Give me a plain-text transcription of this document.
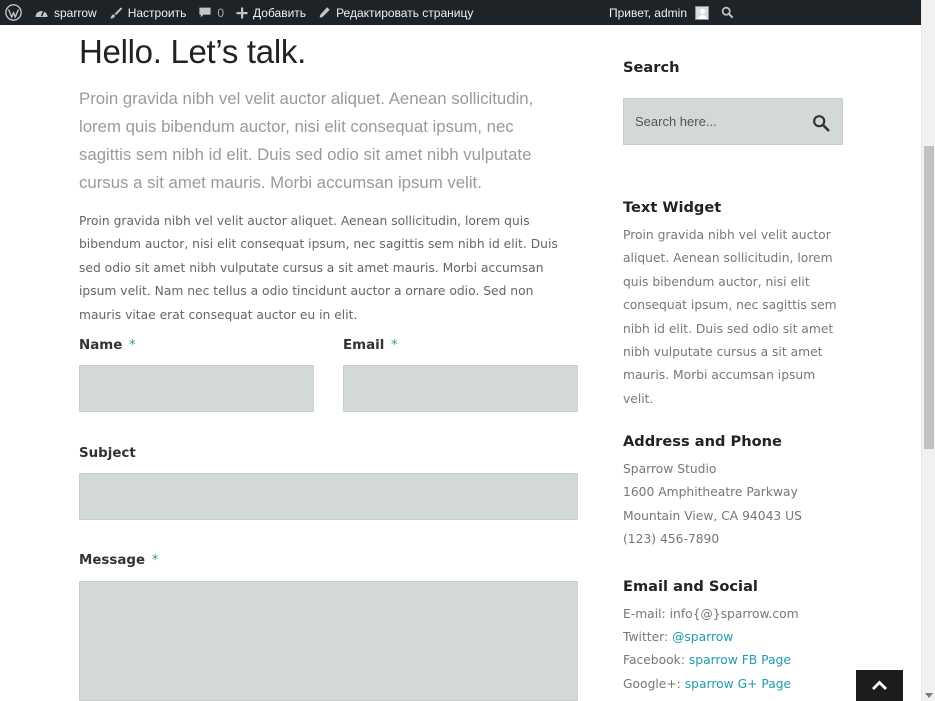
sparrow	Настроить	0 Добавить	Редактировать страницу	Привет, admin
Hello. Let’s talk.

Proin gravida nibh vel velit auctor aliquet. Aenean sollicitudin, lorem quis bibendum auctor, nisi elit consequat ipsum, nec sagittis sem nibh id elit. Duis sed odio sit amet nibh vulputate cursus a sit amet mauris. Morbi accumsan ipsum velit.

Proin gravida nibh vel velit auctor aliquet. Aenean sollicitudin, lorem quis bibendum auctor, nisi elit consequat ipsum, nec sagittis sem nibh id elit. Duis sed odio sit amet nibh vulputate cursus a sit amet mauris. Morbi accumsan ipsum velit. Nam nec tellus a odio tincidunt auctor a ornare odio. Sed non mauris vitae erat consequat auctor eu in elit.

Name *	Email *
Subject
Message *
Search
Search here...
Text Widget

Proin gravida nibh vel velit auctor aliquet. Aenean sollicitudin, lorem quis bibendum auctor, nisi elit consequat ipsum, nec sagittis sem nibh id elit. Duis sed odio sit amet nibh vulputate cursus a sit amet mauris. Morbi accumsan ipsum velit.

Address and Phone
Sparrow Studio
1600 Amphitheatre Parkway
Mountain View, CA 94043 US
(123) 456-7890
Email and Social
E-mail: info{@}sparrow.com
Twitter: @sparrow
Facebook: sparrow FB Page
Google+: sparrow G+ Page
